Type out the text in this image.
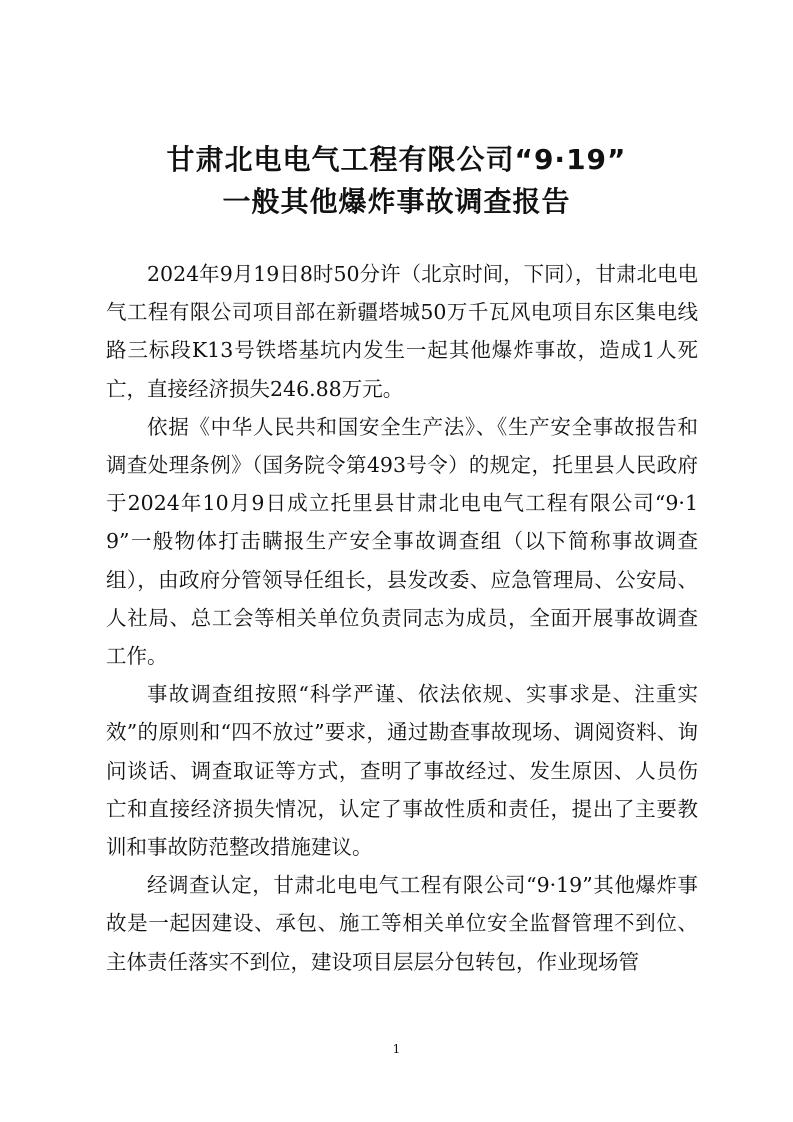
甘肃北电电气工程有限公司“9·19”
一般其他爆炸事故调查报告

2024年9月19日8时50分许（北京时间，下同），甘肃北电电气工程有限公司项目部在新疆塔城50万千瓦风电项目东区集电线路三标段K13号铁塔基坑内发生一起其他爆炸事故，造成1人死亡，直接经济损失246.88万元。

依据《中华人民共和国安全生产法》、《生产安全事故报告和调查处理条例》（国务院令第493号令）的规定，托里县人民政府于2024年10月9日成立托里县甘肃北电电气工程有限公司“9·19”一般物体打击瞒报生产安全事故调查组（以下简称事故调查组），由政府分管领导任组长，县发改委、应急管理局、公安局、人社局、总工会等相关单位负责同志为成员，全面开展事故调查工作。

事故调查组按照“科学严谨、依法依规、实事求是、注重实效”的原则和“四不放过”要求，通过勘查事故现场、调阅资料、询问谈话、调查取证等方式，查明了事故经过、发生原因、人员伤亡和直接经济损失情况，认定了事故性质和责任，提出了主要教训和事故防范整改措施建议。

经调查认定，甘肃北电电气工程有限公司“9·19”其他爆炸事故是一起因建设、承包、施工等相关单位安全监督管理不到位、主体责任落实不到位，建设项目层层分包转包，作业现场管

1
